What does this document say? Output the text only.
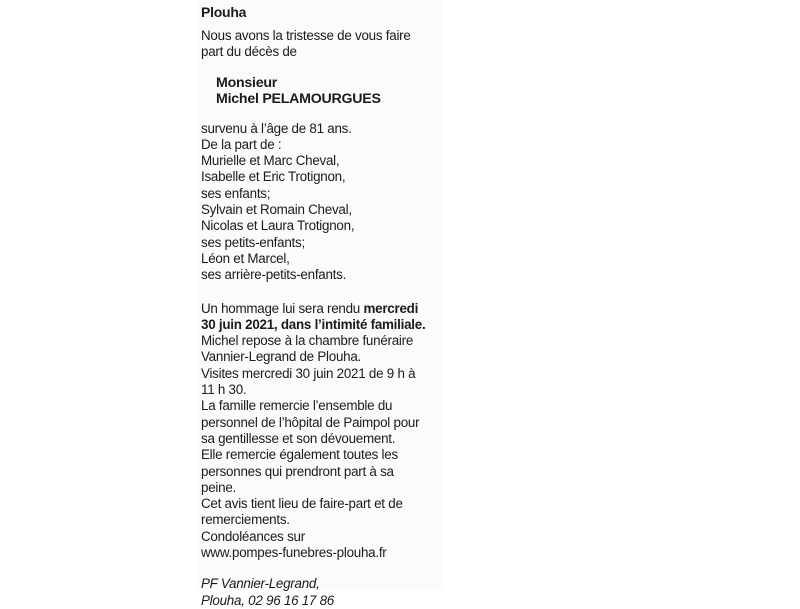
Plouha
Nous avons la tristesse de vous faire
part du décès de
Monsieur
Michel PELAMOURGUES
survenu à l’âge de 81 ans.
De la part de :
Murielle et Marc Cheval,
Isabelle et Eric Trotignon,
ses enfants;
Sylvain et Romain Cheval,
Nicolas et Laura Trotignon,
ses petits-enfants;
Léon et Marcel,
ses arrière-petits-enfants.
Un hommage lui sera rendu mercredi
30 juin 2021, dans l’intimité familiale.
Michel repose à la chambre funéraire
Vannier-Legrand de Plouha.
Visites mercredi 30 juin 2021 de 9 h à
11 h 30.
La famille remercie l’ensemble du
personnel de l’hôpital de Paimpol pour
sa gentillesse et son dévouement.
Elle remercie également toutes les
personnes qui prendront part à sa
peine.
Cet avis tient lieu de faire-part et de
remerciements.
Condoléances sur
www.pompes-funebres-plouha.fr
PF Vannier-Legrand,
Plouha, 02 96 16 17 86
